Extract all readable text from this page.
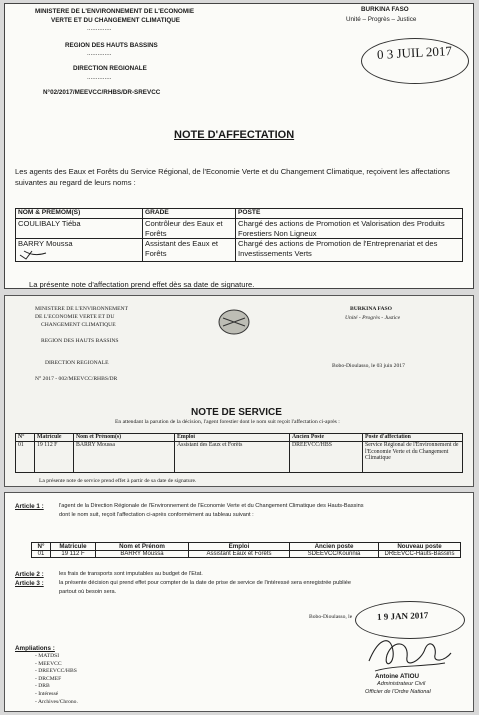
MINISTERE DE L'ENVIRONNEMENT DE L'ECONOMIE
VERTE ET DU CHANGEMENT CLIMATIQUE
..............
REGION DES HAUTS BASSINS
..............
DIRECTION REGIONALE
..............
N°02/2017/MEEVCC/RHBS/DR-SREVCC
BURKINA FASO
Unité – Progrès – Justice
0 3 JUIL 2017
NOTE D'AFFECTATION
Les agents des Eaux et Forêts du Service Régional, de l'Economie Verte et du Changement Climatique, reçoivent les affectations suivantes au regard de leurs noms :
NOM & PREMOM(S)	GRADE	POSTE
COULIBALY Tiéba	Contrôleur des Eaux et Forêts	Chargé des actions de Promotion et Valorisation des Produits Forestiers Non Ligneux
BARRY Moussa	Assistant des Eaux et Forêts	Chargé des actions de Promotion de l'Entreprenariat et des Investissements Verts
La présente note d'affectation prend effet dès sa date de signature.
MINISTERE DE L'ENVIRONNEMENT
DE L'ECONOMIE VERTE ET DU
CHANGEMENT CLIMATIQUE
REGION DES HAUTS BASSINS
DIRECTION REGIONALE
N° 2017 - 002/MEEVCC/RHBS/DR
BURKINA FASO
Unité - Progrès - Justice
Bobo-Dioulasso, le 03 juin 2017
NOTE DE SERVICE
En attendant la parution de la décision, l'agent forestier dont le nom suit reçoit l'affectation ci-après :
N°	Matricule	Nom et Prénom(s)	Emploi	Ancien Poste	Poste d'affectation
01	19 112 F	BARRY Moussa	Assistant des Eaux et Forêts	DREEVCC/HBS	Service Régional de l'Environnement de l'Economie Verte et du Changement Climatique
La présente note de service prend effet à partir de sa date de signature.
Article 1 :	l'agent de la Direction Régionale de l'Environnement de l'Economie Verte et du Changement Climatique des Hauts-Bassins
dont le nom suit, reçoit l'affectation ci-après conformément au tableau suivant :
N°	Matricule	Nom et Prénom	Emploi	Ancien poste	Nouveau poste
01	19 112 F	BARRY Moussa	Assistant Eaux et Forêts	SDEEVCC/Kourinia	DREEVCC-Hauts-Bassins
Article 2 :	les frais de transports sont imputables au budget de l'Etat.
Article 3 :	la présente décision qui prend effet pour compter de la date de prise de service de l'intéressé sera enregistrée publiée
partout où besoin sera.
Bobo-Dioulasso, le	1 9 JAN 2017
Ampliations :
- MATDSI
- MEEVCC
- DREEVCC/HBS
- DRCMEF
- DRB
- Intéressé
- Archives/Chrono.
Antoine ATIOU
Administrateur Civil
Officier de l'Ordre National
